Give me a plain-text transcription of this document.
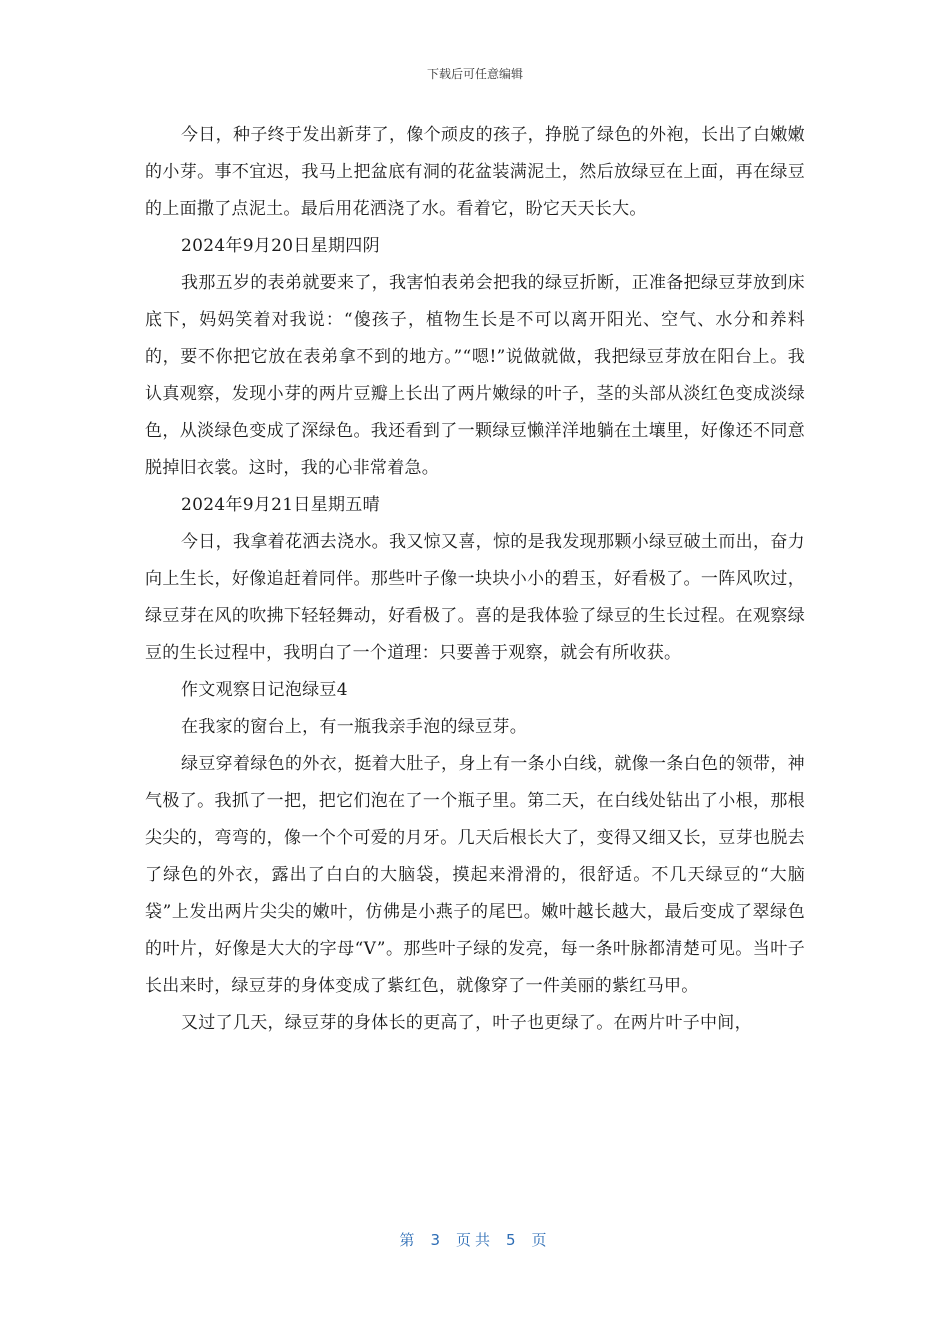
下载后可任意编辑

今日，种子终于发出新芽了，像个顽皮的孩子，挣脱了绿色的外袍，长出了白嫩嫩的小芽。事不宜迟，我马上把盆底有洞的花盆装满泥土，然后放绿豆在上面，再在绿豆的上面撒了点泥土。最后用花洒浇了水。看着它，盼它天天长大。

2024年9月20日星期四阴

我那五岁的表弟就要来了，我害怕表弟会把我的绿豆折断，正准备把绿豆芽放到床底下，妈妈笑着对我说：“傻孩子，植物生长是不可以离开阳光、空气、水分和养料的，要不你把它放在表弟拿不到的地方。”“嗯!”说做就做，我把绿豆芽放在阳台上。我认真观察，发现小芽的两片豆瓣上长出了两片嫩绿的叶子，茎的头部从淡红色变成淡绿色，从淡绿色变成了深绿色。我还看到了一颗绿豆懒洋洋地躺在土壤里，好像还不同意脱掉旧衣裳。这时，我的心非常着急。

2024年9月21日星期五晴

今日，我拿着花洒去浇水。我又惊又喜，惊的是我发现那颗小绿豆破土而出，奋力向上生长，好像追赶着同伴。那些叶子像一块块小小的碧玉，好看极了。一阵风吹过，绿豆芽在风的吹拂下轻轻舞动，好看极了。喜的是我体验了绿豆的生长过程。在观察绿豆的生长过程中，我明白了一个道理：只要善于观察，就会有所收获。

作文观察日记泡绿豆4

在我家的窗台上，有一瓶我亲手泡的绿豆芽。

绿豆穿着绿色的外衣，挺着大肚子，身上有一条小白线，就像一条白色的领带，神气极了。我抓了一把，把它们泡在了一个瓶子里。第二天，在白线处钻出了小根，那根尖尖的，弯弯的，像一个个可爱的月牙。几天后根长大了，变得又细又长，豆芽也脱去了绿色的外衣，露出了白白的大脑袋，摸起来滑滑的，很舒适。不几天绿豆的“大脑袋”上发出两片尖尖的嫩叶，仿佛是小燕子的尾巴。嫩叶越长越大，最后变成了翠绿色的叶片，好像是大大的字母“V”。那些叶子绿的发亮，每一条叶脉都清楚可见。当叶子长出来时，绿豆芽的身体变成了紫红色，就像穿了一件美丽的紫红马甲。

又过了几天，绿豆芽的身体长的更高了，叶子也更绿了。在两片叶子中间，

第 3 页共 5 页
